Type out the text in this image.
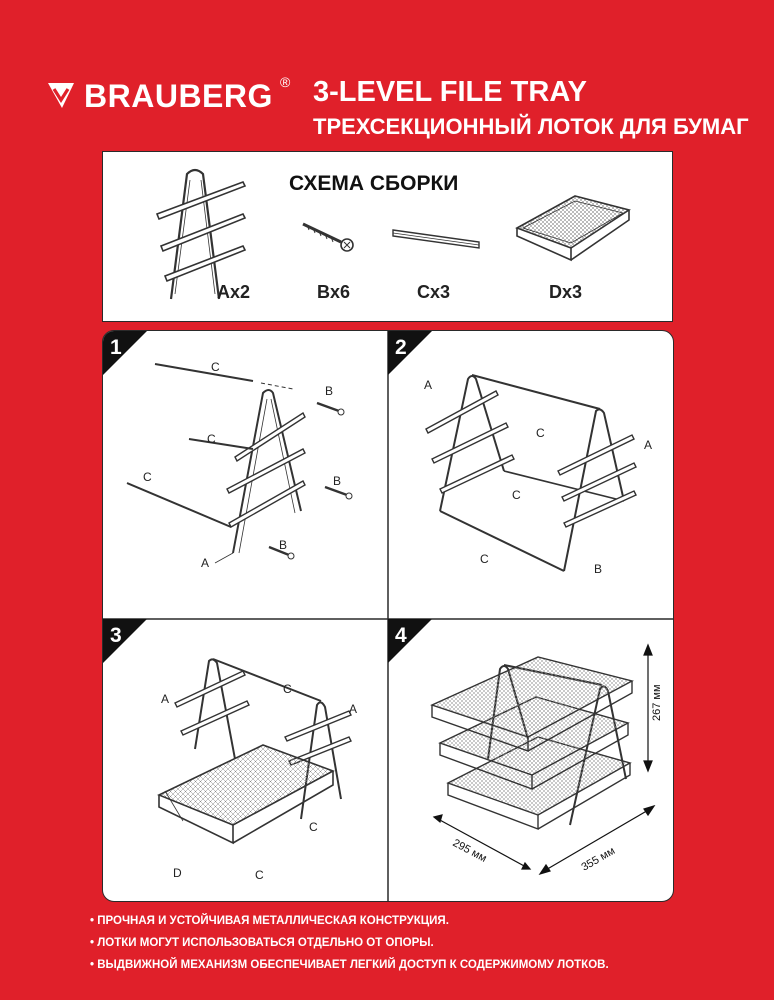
BRAUBERG ® 3-LEVEL FILE TRAY
ТРЕХСЕКЦИОННЫЙ ЛОТОК ДЛЯ БУМАГ
СХЕМА СБОРКИ
Ax2	Bx6	Cx3	Dx3
1
C
C
C
B
B
B
A
2
A
A
C
C
C
B
3
A
A
C
C
C
D
4
267 мм
355 мм
295 мм
• ПРОЧНАЯ И УСТОЙЧИВАЯ МЕТАЛЛИЧЕСКАЯ КОНСТРУКЦИЯ.
• ЛОТКИ МОГУТ ИСПОЛЬЗОВАТЬСЯ ОТДЕЛЬНО ОТ ОПОРЫ.
• ВЫДВИЖНОЙ МЕХАНИЗМ ОБЕСПЕЧИВАЕТ ЛЕГКИЙ ДОСТУП К СОДЕРЖИМОМУ ЛОТКОВ.
